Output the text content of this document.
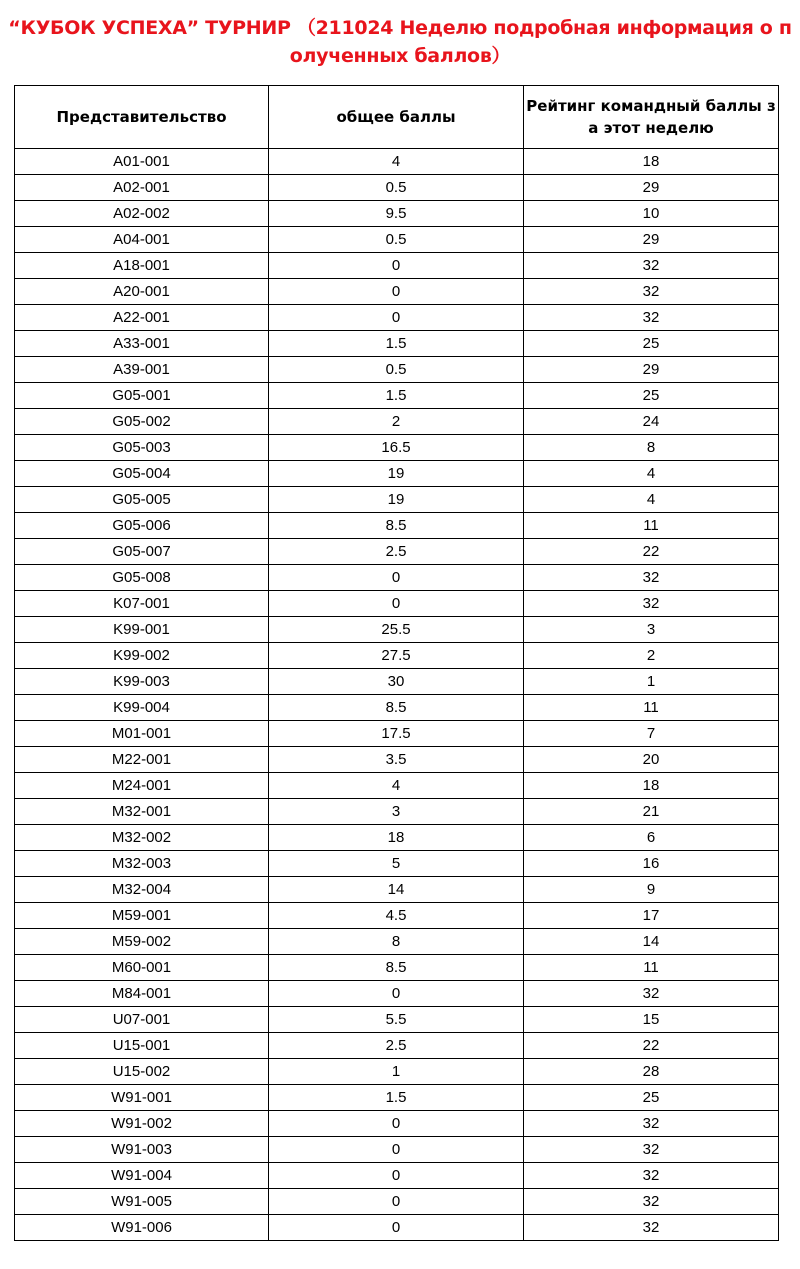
“КУБОК УСПЕХА” ТУРНИР （211024 Неделю подробная информация о п
олученных баллов）
Представительство	общее баллы	Рейтинг командный баллы з а этот неделю
A01-001	4	18
A02-001	0.5	29
A02-002	9.5	10
A04-001	0.5	29
A18-001	0	32
A20-001	0	32
A22-001	0	32
A33-001	1.5	25
A39-001	0.5	29
G05-001	1.5	25
G05-002	2	24
G05-003	16.5	8
G05-004	19	4
G05-005	19	4
G05-006	8.5	11
G05-007	2.5	22
G05-008	0	32
K07-001	0	32
K99-001	25.5	3
K99-002	27.5	2
K99-003	30	1
K99-004	8.5	11
M01-001	17.5	7
M22-001	3.5	20
M24-001	4	18
M32-001	3	21
M32-002	18	6
M32-003	5	16
M32-004	14	9
M59-001	4.5	17
M59-002	8	14
M60-001	8.5	11
M84-001	0	32
U07-001	5.5	15
U15-001	2.5	22
U15-002	1	28
W91-001	1.5	25
W91-002	0	32
W91-003	0	32
W91-004	0	32
W91-005	0	32
W91-006	0	32
